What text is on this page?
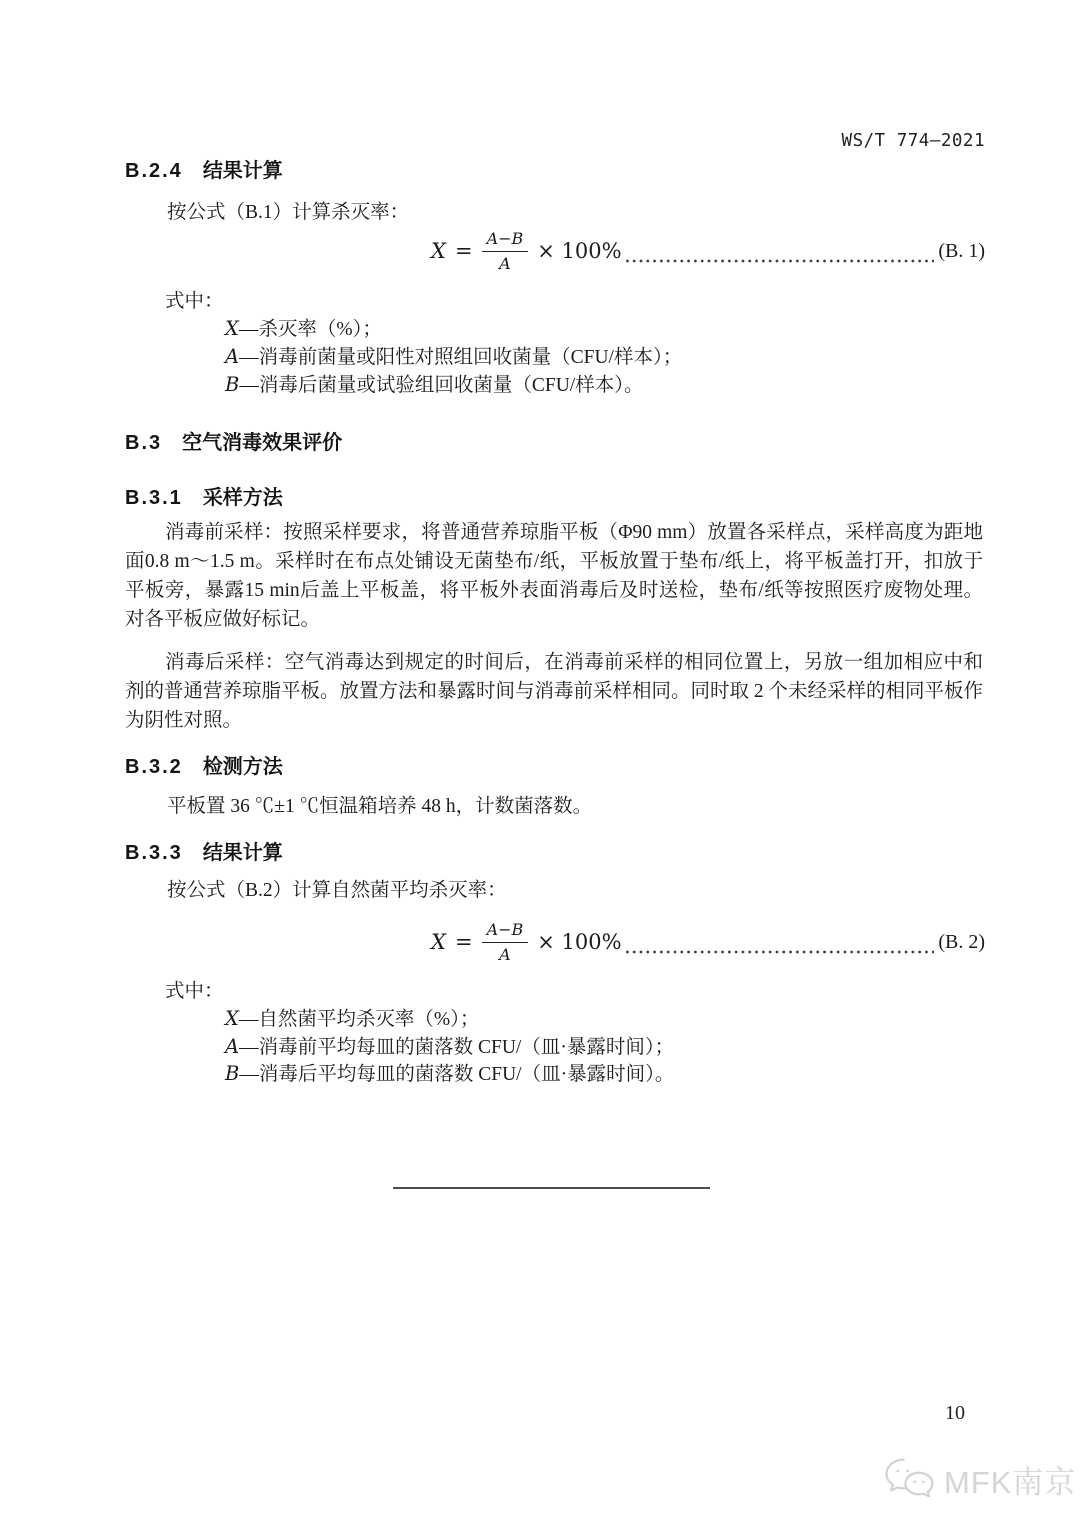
WS/T 774—2021
B.2.4 结果计算
按公式（B.1）计算杀灭率：
$X = \frac{A-B}{A} \times 100\%$	(B. 1)
式中：
X—杀灭率（%）；
A—消毒前菌量或阳性对照组回收菌量（CFU/样本）；
B—消毒后菌量或试验组回收菌量（CFU/样本）。
B.3 空气消毒效果评价
B.3.1 采样方法
消毒前采样：按照采样要求，将普通营养琼脂平板（Φ90 mm）放置各采样点，采样高度为距地面0.8 m～1.5 m。采样时在布点处铺设无菌垫布/纸，平板放置于垫布/纸上，将平板盖打开，扣放于平板旁，暴露15 min后盖上平板盖，将平板外表面消毒后及时送检，垫布/纸等按照医疗废物处理。对各平板应做好标记。
消毒后采样：空气消毒达到规定的时间后，在消毒前采样的相同位置上，另放一组加相应中和剂的普通营养琼脂平板。放置方法和暴露时间与消毒前采样相同。同时取 2 个未经采样的相同平板作为阴性对照。
B.3.2 检测方法
平板置 36 ℃±1 ℃恒温箱培养 48 h，计数菌落数。
B.3.3 结果计算
按公式（B.2）计算自然菌平均杀灭率：
$X = \frac{A-B}{A} \times 100\%$	(B. 2)
式中：
X—自然菌平均杀灭率（%）；
A—消毒前平均每皿的菌落数 CFU/（皿·暴露时间）；
B—消毒后平均每皿的菌落数 CFU/（皿·暴露时间）。
10
MFK南京
